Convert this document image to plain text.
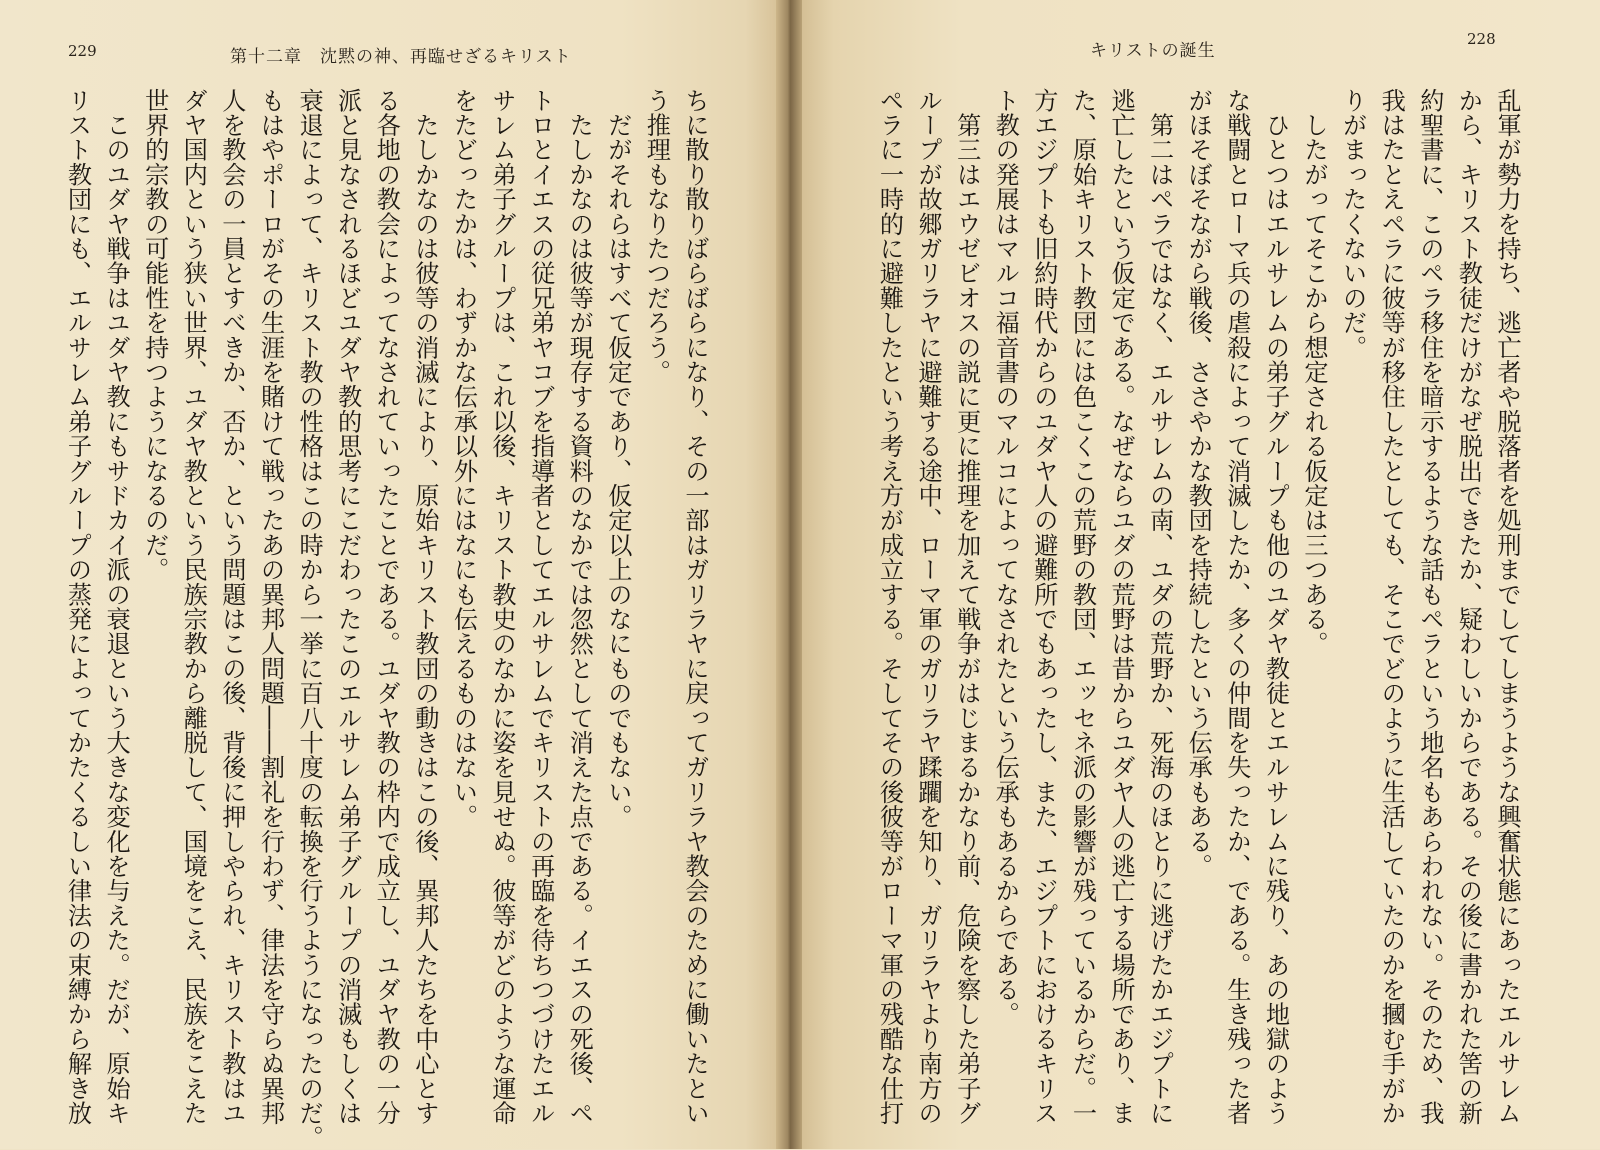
229	第十二章　沈黙の神、再臨せざるキリスト	キリストの誕生
228

ちに散り散りばらばらになり、その一部はガリラヤに戻ってガリラヤ教会のために働いたとい

う推理もなりたつだろう。

　だがそれらはすべて仮定であり、仮定以上のなにものでもない。

　たしかなのは彼等が現存する資料のなかでは忽然として消えた点である。イエスの死後、ペ

トロとイエスの従兄弟ヤコブを指導者としてエルサレムでキリストの再臨を待ちつづけたエル

サレム弟子グループは、これ以後、キリスト教史のなかに姿を見せぬ。彼等がどのような運命

をたどったかは、わずかな伝承以外にはなにも伝えるものはない。

　たしかなのは彼等の消滅により、原始キリスト教団の動きはこの後、異邦人たちを中心とす

る各地の教会によってなされていったことである。ユダヤ教の枠内で成立し、ユダヤ教の一分

派と見なされるほどユダヤ教的思考にこだわったこのエルサレム弟子グループの消滅もしくは

衰退によって、キリスト教の性格はこの時から一挙に百八十度の転換を行うようになったのだ。

もはやポーロがその生涯を賭けて戦ったあの異邦人問題――割礼を行わず、律法を守らぬ異邦

人を教会の一員とすべきか、否か、という問題はこの後、背後に押しやられ、キリスト教はユ

ダヤ国内という狭い世界、ユダヤ教という民族宗教から離脱して、国境をこえ、民族をこえた

世界的宗教の可能性を持つようになるのだ。

　このユダヤ戦争はユダヤ教にもサドカイ派の衰退という大きな変化を与えた。だが、原始キ

リスト教団にも、エルサレム弟子グループの蒸発によってかたくるしい律法の束縛から解き放	乱軍が勢力を持ち、逃亡者や脱落者を処刑までしてしまうような興奮状態にあったエルサレム

から、キリスト教徒だけがなぜ脱出できたか、疑わしいからである。その後に書かれた筈の新

約聖書に、このペラ移住を暗示するような話もペラという地名もあらわれない。そのため、我

我はたとえペラに彼等が移住したとしても、そこでどのように生活していたのかを摑む手がか

りがまったくないのだ。

　したがってそこから想定される仮定は三つある。

　ひとつはエルサレムの弟子グループも他のユダヤ教徒とエルサレムに残り、あの地獄のよう

な戦闘とローマ兵の虐殺によって消滅したか、多くの仲間を失ったか、である。生き残った者

がほそぼそながら戦後、ささやかな教団を持続したという伝承もある。

　第二はペラではなく、エルサレムの南、ユダの荒野か、死海のほとりに逃げたかエジプトに

逃亡したという仮定である。なぜならユダの荒野は昔からユダヤ人の逃亡する場所であり、ま

た、原始キリスト教団には色こくこの荒野の教団、エッセネ派の影響が残っているからだ。一

方エジプトも旧約時代からのユダヤ人の避難所でもあったし、また、エジプトにおけるキリス

ト教の発展はマルコ福音書のマルコによってなされたという伝承もあるからである。

　第三はエウゼビオスの説に更に推理を加えて戦争がはじまるかなり前、危険を察した弟子グ

ループが故郷ガリラヤに避難する途中、ローマ軍のガリラヤ蹂躙を知り、ガリラヤより南方の

ペラに一時的に避難したという考え方が成立する。そしてその後彼等がローマ軍の残酷な仕打
